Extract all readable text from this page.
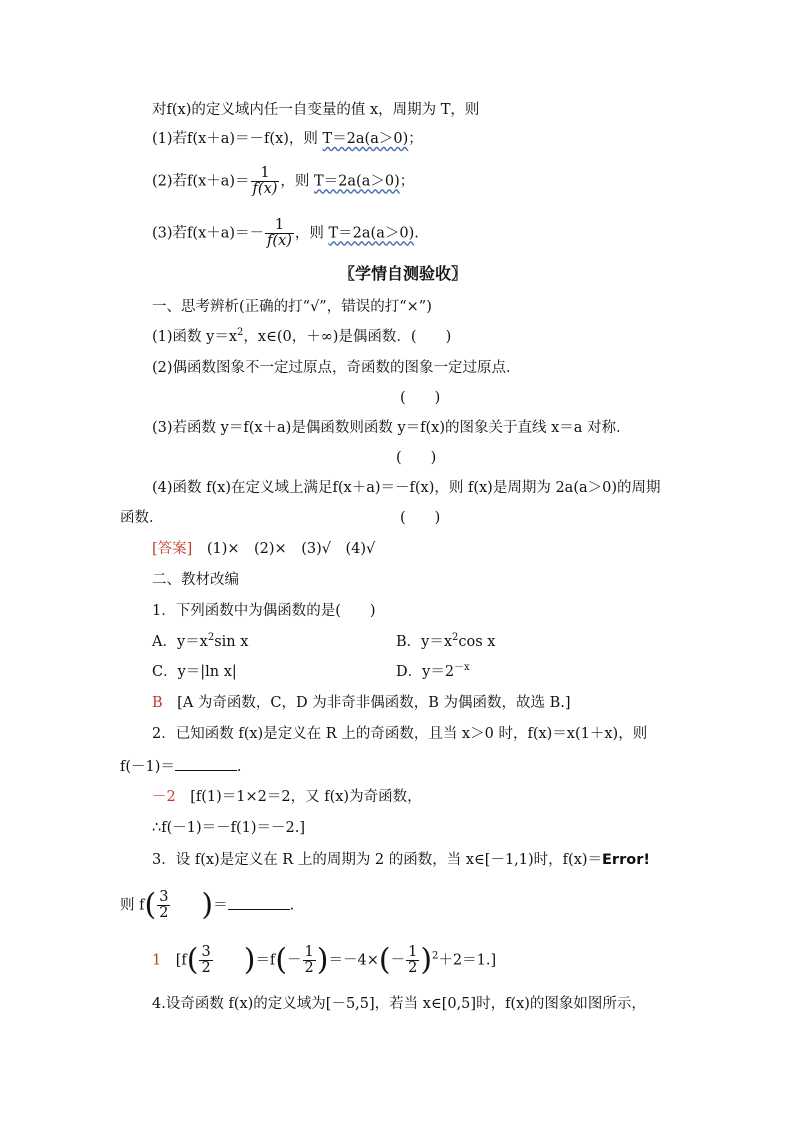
对f(x)的定义域内任一自变量的值 x，周期为 T，则
(1)若f(x＋a)＝－f(x)，则 T＝2a(a＞0)；
(2)若$f(x+a)= \frac{1}{f(x)}$ ，则 T＝2a(a＞0)；
(3)若$f(x+a)=- \frac{1}{f(x)}$ ，则 T＝2a(a＞0).
〖学情自测验收〗
一、思考辨析(正确的打“√”，错误的打“×”)
(1)函数 $y=x^2$，x∈(0，＋∞)是偶函数．(　　)
(2)偶函数图象不一定过原点，奇函数的图象一定过原点．
(　　)
(3)若函数 y＝f(x＋a)是偶函数则函数 y＝f(x)的图象关于直线 x＝a 对称．
(　　)
(4)函数 f(x)在定义域上满足f(x＋a)＝－f(x)，则 f(x)是周期为 2a(a＞0)的周期
函数．	(　　)
[答案]　(1)×　(2)×　(3)√　(4)√
二、教材改编
1．下列函数中为偶函数的是(　　)
A．$y=x^2\sin$ x	B．$y=x^2\cos$ x
C．y＝|ln x|	D．$y=2^{-x}$
B　[A 为奇函数，C，D 为非奇非偶函数，B 为偶函数，故选 B.]
2．已知函数 f(x)是定义在 R 上的奇函数，且当 x＞0 时，f(x)＝x(1＋x)，则
f(－1)＝	.
－2　[f(1)＝1×2＝2，又 f(x)为奇函数，
∴f(－1)＝－f(1)＝－2.]
3．设 f(x)是定义在 R 上的周期为 2 的函数，当 x∈[－1,1)时，f(x)＝Error!
则 $f( \frac{3}{2}$ 　)＝	.
1　[$f( \frac{3}{2}$ 　)$=f(- \frac{1}{2} )=-4\times(- \frac{1}{2} )^2+2=1$.]
4.设奇函数 f(x)的定义域为[－5,5]，若当 x∈[0,5]时，f(x)的图象如图所示，
